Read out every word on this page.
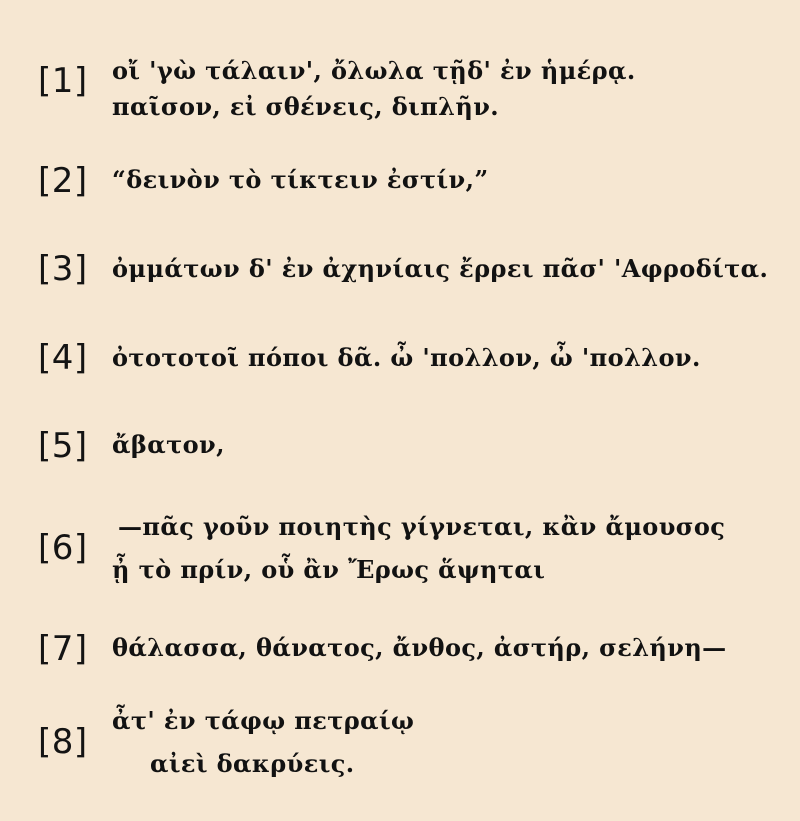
[1] οἴ 'γὼ τάλαιν', ὄλωλα τῇδ' ἐν ἡμέρᾳ.
παῖσον, εἰ σθένεις, διπλῆν.
[2] “δεινὸν τὸ τίκτειν ἐστίν,”
[3] ὀμμάτων δ' ἐν ἀχηνίαις ἔρρει πᾶσ' 'Αφροδίτα.
[4] ὀτοτοτοῖ πόποι δᾶ. ὦ 'πολλον, ὦ 'πολλον.
[5] ἄβατον,
[6]
—πᾶς γοῦν ποιητὴς γίγνεται, κἂν ἄμουσος
ᾖ τὸ πρίν, οὗ ἂν Ἔρως ἅψηται
[7] θάλασσα, θάνατος, ἄνθος, ἀστήρ, σελήνη—
[8]
ἆτ' ἐν τάφῳ πετραίῳ
αἰεὶ δακρύεις.
